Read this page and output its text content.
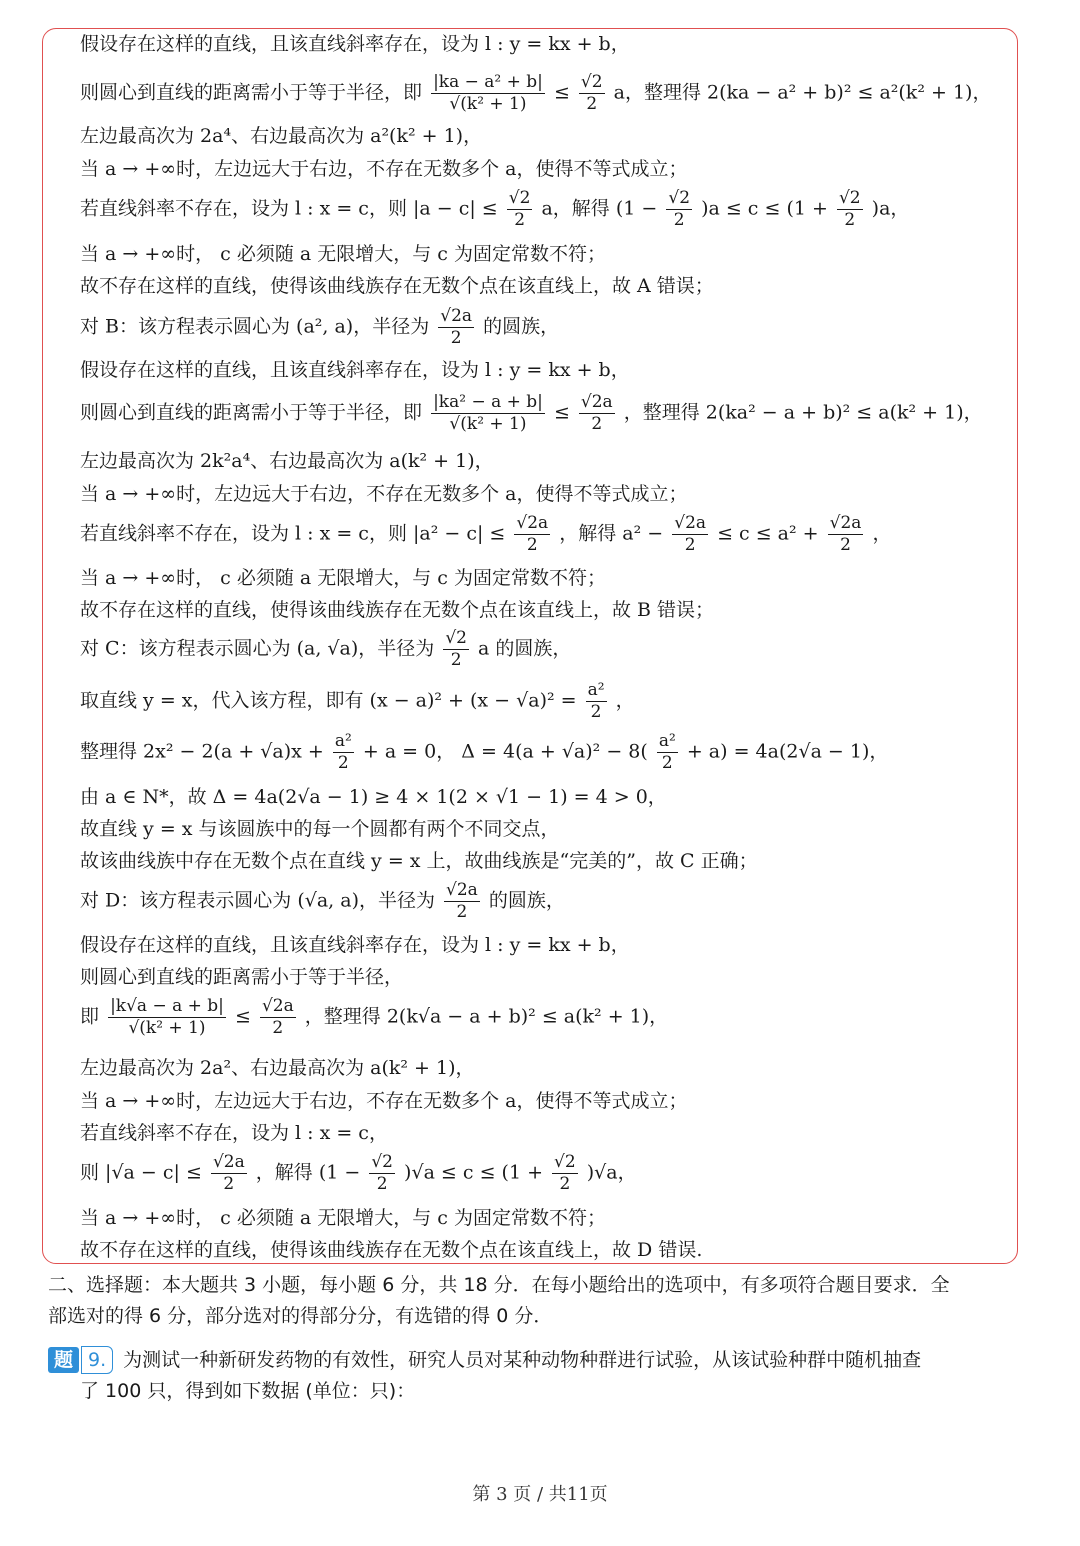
假设存在这样的直线，且该直线斜率存在，设为 l : y = kx + b，
则圆心到直线的距离需小于等于半径，即 $\frac{\text{|ka − a² + b|}}{\text{√(k² + 1)}} \le \frac{√2}{2}$ a，整理得 2(ka − a² + b)² ≤ a²(k² + 1)，
左边最高次为 2a⁴、右边最高次为 a²(k² + 1)，
当 a → +∞时，左边远大于右边，不存在无数多个 a，使得不等式成立；
若直线斜率不存在，设为 l : x = c，则 $|a - c| \le \frac{√2}{2}$ a，解得 $(1 - \frac{√2}{2} )a \le c \le (1 + \frac{√2}{2} )a$，
当 a → +∞时， c 必须随 a 无限增大，与 c 为固定常数不符；
故不存在这样的直线，使得该曲线族存在无数个点在该直线上，故 A 错误；
对 B：该方程表示圆心为 (a², a)，半径为 $\frac{√2a}{2}$ 的圆族，
假设存在这样的直线，且该直线斜率存在，设为 l : y = kx + b，
则圆心到直线的距离需小于等于半径，即 $\frac{\text{|ka² − a + b|}}{\text{√(k² + 1)}} \le \frac{√2a}{2}$ ，整理得 2(ka² − a + b)² ≤ a(k² + 1)，
左边最高次为 2k²a⁴、右边最高次为 a(k² + 1)，
当 a → +∞时，左边远大于右边，不存在无数多个 a，使得不等式成立；
若直线斜率不存在，设为 l : x = c，则 $|a^2 - c| \le \frac{√2a}{2}$ ，解得 $a^2 - \frac{√2a}{2} \le c \le a^2 + \frac{√2a}{2}$ ，
当 a → +∞时， c 必须随 a 无限增大，与 c 为固定常数不符；
故不存在这样的直线，使得该曲线族存在无数个点在该直线上，故 B 错误；
对 C：该方程表示圆心为 (a, √a)，半径为 $\frac{√2}{2}$ a 的圆族，
取直线 y = x，代入该方程，即有 $(x - a)^2 + (x - √a)^2 = \frac{\text{a²}}{2}$ ，
整理得 $2x^2 - 2(a + √a)x + \frac{\text{a²}}{2} + a = 0$， $\Delta = 4(a + √a)^2 - 8( \frac{\text{a²}}{2} + a) = 4a(2√a - 1)$，
由 a ∈ N*，故 Δ = 4a(2√a − 1) ≥ 4 × 1(2 × √1 − 1) = 4 > 0，
故直线 y = x 与该圆族中的每一个圆都有两个不同交点，
故该曲线族中存在无数个点在直线 y = x 上，故曲线族是“完美的”，故 C 正确；
对 D：该方程表示圆心为 (√a, a)，半径为 $\frac{√2a}{2}$ 的圆族，
假设存在这样的直线，且该直线斜率存在，设为 l : y = kx + b，
则圆心到直线的距离需小于等于半径，
即 $\frac{|k√a - a + b|}{\text{√(k² + 1)}} \le \frac{√2a}{2}$ ，整理得 2(k√a − a + b)² ≤ a(k² + 1)，
左边最高次为 2a²、右边最高次为 a(k² + 1)，
当 a → +∞时，左边远大于右边，不存在无数多个 a，使得不等式成立；
若直线斜率不存在，设为 l : x = c，
则 $|√a - c| \le \frac{√2a}{2}$ ，解得 $(1 - \frac{√2}{2} )√a \le c \le (1 + \frac{√2}{2} )√a$，
当 a → +∞时， c 必须随 a 无限增大，与 c 为固定常数不符；
故不存在这样的直线，使得该曲线族存在无数个点在该直线上，故 D 错误.
二、选择题：本大题共 3 小题，每小题 6 分，共 18 分．在每小题给出的选项中，有多项符合题目要求．全
部选对的得 6 分，部分选对的得部分分，有选错的得 0 分．
题 9. 为测试一种新研发药物的有效性，研究人员对某种动物种群进行试验，从该试验种群中随机抽查
了 100 只，得到如下数据 (单位：只)：
第 3 页 / 共11页
